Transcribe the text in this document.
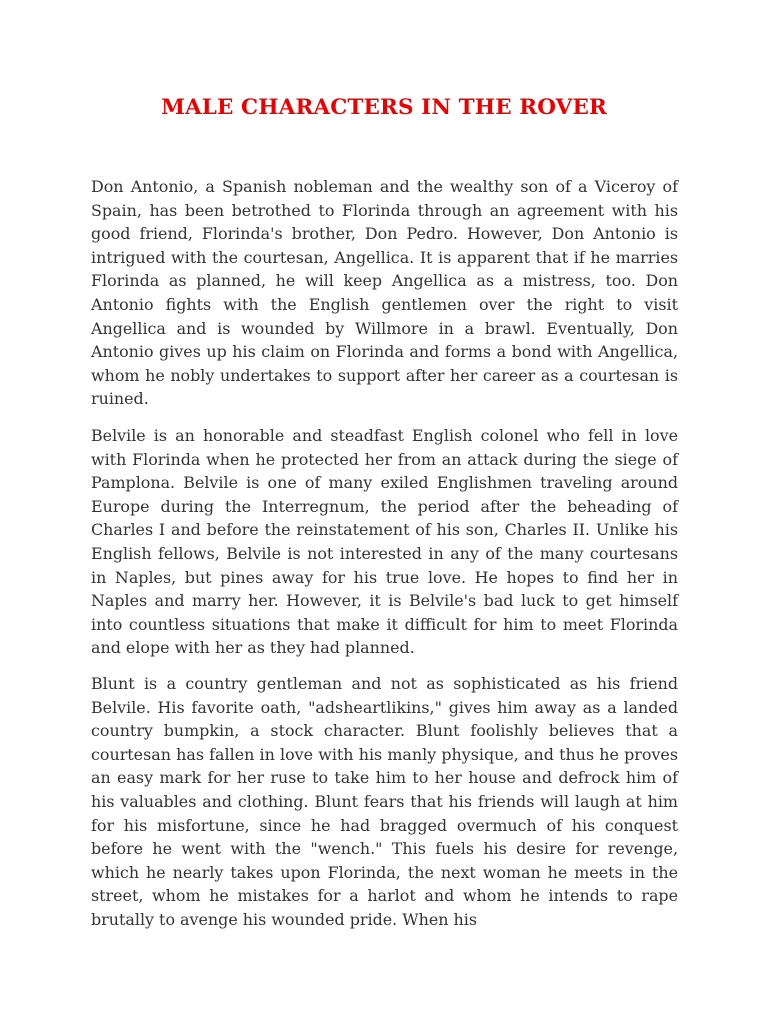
MALE CHARACTERS IN THE ROVER

Don Antonio, a Spanish nobleman and the wealthy son of a Viceroy of Spain, has been betrothed to Florinda through an agreement with his good friend, Florinda's brother, Don Pedro. However, Don Antonio is intrigued with the courtesan, Angellica. It is apparent that if he marries Florinda as planned, he will keep Angellica as a mistress, too. Don Antonio fights with the English gentlemen over the right to visit Angellica and is wounded by Willmore in a brawl. Eventually, Don Antonio gives up his claim on Florinda and forms a bond with Angellica, whom he nobly undertakes to support after her career as a courtesan is ruined.

Belvile is an honorable and steadfast English colonel who fell in love with Florinda when he protected her from an attack during the siege of Pamplona. Belvile is one of many exiled Englishmen traveling around Europe during the Interregnum, the period after the beheading of Charles I and before the reinstatement of his son, Charles II. Unlike his English fellows, Belvile is not interested in any of the many courtesans in Naples, but pines away for his true love. He hopes to find her in Naples and marry her. However, it is Belvile's bad luck to get himself into countless situations that make it difficult for him to meet Florinda and elope with her as they had planned.

Blunt is a country gentleman and not as sophisticated as his friend Belvile. His favorite oath, "adsheartlikins," gives him away as a landed country bumpkin, a stock character. Blunt foolishly believes that a courtesan has fallen in love with his manly physique, and thus he proves an easy mark for her ruse to take him to her house and defrock him of his valuables and clothing. Blunt fears that his friends will laugh at him for his misfortune, since he had bragged overmuch of his conquest before he went with the "wench." This fuels his desire for revenge, which he nearly takes upon Florinda, the next woman he meets in the street, whom he mistakes for a harlot and whom he intends to rape brutally to avenge his wounded pride. When his
